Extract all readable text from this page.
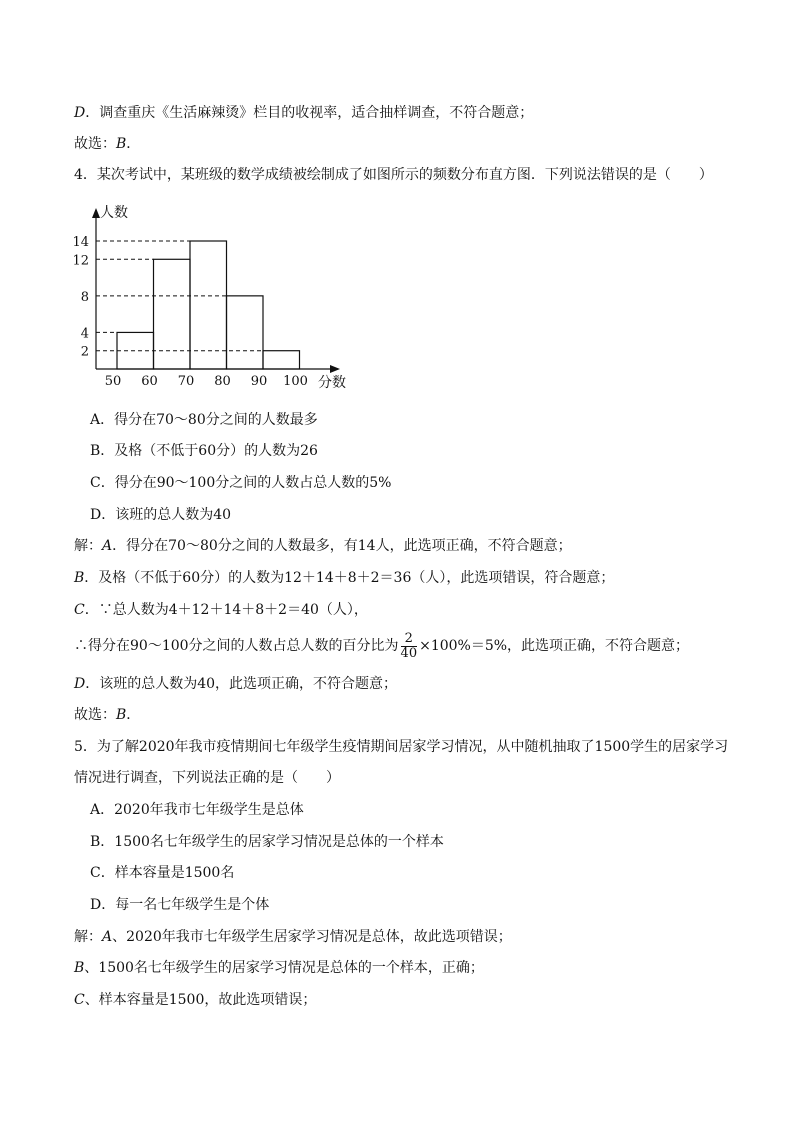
D．调查重庆《生活麻辣烫》栏目的收视率，适合抽样调查，不符合题意；
故选：B．
4．某次考试中，某班级的数学成绩被绘制成了如图所示的频数分布直方图．下列说法错误的是（　　）
人数
分数
2
4
8
12
14
50 60 70 80 90 100
A．得分在70～80分之间的人数最多
B．及格（不低于60分）的人数为26
C．得分在90～100分之间的人数占总人数的5%
D．该班的总人数为40
解：A．得分在70～80分之间的人数最多，有14人，此选项正确，不符合题意；
B．及格（不低于60分）的人数为12＋14＋8＋2＝36（人），此选项错误，符合题意；
C．∵总人数为4＋12＋14＋8＋2＝40（人），
∴得分在90～100分之间的人数占总人数的百分比为 $\frac{2}{40} \times 100\%=5\%$，此选项正确，不符合题意；
D．该班的总人数为40，此选项正确，不符合题意；
故选：B．
5．为了解2020年我市疫情期间七年级学生疫情期间居家学习情况，从中随机抽取了1500学生的居家学习
情况进行调查，下列说法正确的是（　　）
A．2020年我市七年级学生是总体
B．1500名七年级学生的居家学习情况是总体的一个样本
C．样本容量是1500名
D．每一名七年级学生是个体
解：A、2020年我市七年级学生居家学习情况是总体，故此选项错误；
B、1500名七年级学生的居家学习情况是总体的一个样本，正确；
C、样本容量是1500，故此选项错误；
